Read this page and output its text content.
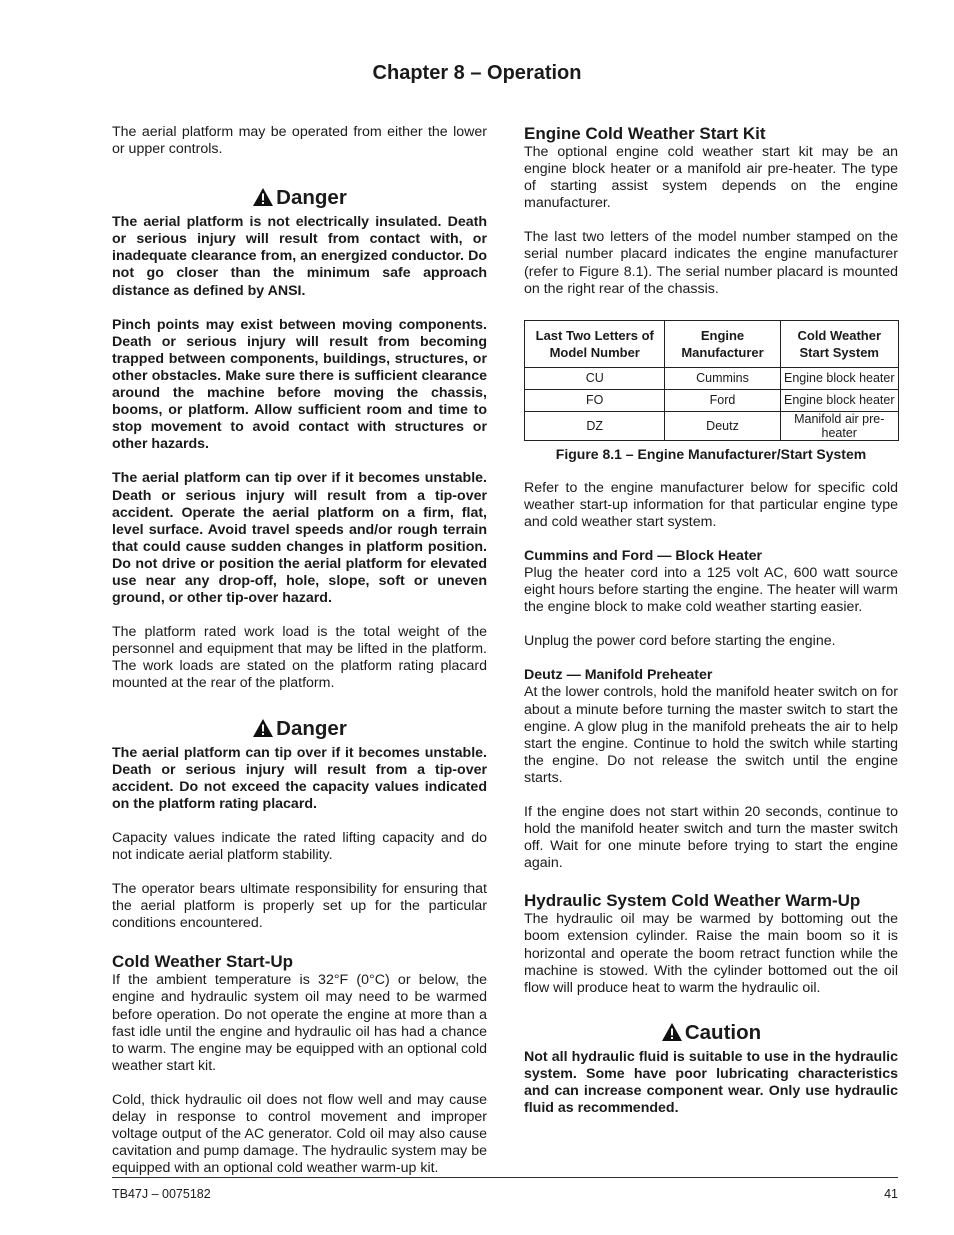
Chapter 8 – Operation

The aerial platform may be operated from either the lower or upper controls.

Danger

The aerial platform is not electrically insulated. Death or serious injury will result from contact with, or inadequate clearance from, an energized conductor. Do not go closer than the minimum safe approach distance as defined by ANSI.

Pinch points may exist between moving components. Death or serious injury will result from becoming trapped between components, buildings, structures, or other obstacles. Make sure there is sufficient clearance around the machine before moving the chassis, booms, or platform. Allow sufficient room and time to stop movement to avoid contact with structures or other hazards.

The aerial platform can tip over if it becomes unstable. Death or serious injury will result from a tip-over accident. Operate the aerial platform on a firm, flat, level surface. Avoid travel speeds and/or rough terrain that could cause sudden changes in platform position. Do not drive or position the aerial platform for elevated use near any drop-off, hole, slope, soft or uneven ground, or other tip-over hazard.

The platform rated work load is the total weight of the personnel and equipment that may be lifted in the platform. The work loads are stated on the platform rating placard mounted at the rear of the platform.

Danger

The aerial platform can tip over if it becomes unstable. Death or serious injury will result from a tip-over accident. Do not exceed the capacity values indicated on the platform rating placard.

Capacity values indicate the rated lifting capacity and do not indicate aerial platform stability.

The operator bears ultimate responsibility for ensuring that the aerial platform is properly set up for the particular conditions encountered.

Cold Weather Start-Up

If the ambient temperature is 32°F (0°C) or below, the engine and hydraulic system oil may need to be warmed before operation. Do not operate the engine at more than a fast idle until the engine and hydraulic oil has had a chance to warm. The engine may be equipped with an optional cold weather start kit.

Cold, thick hydraulic oil does not flow well and may cause delay in response to control movement and improper voltage output of the AC generator. Cold oil may also cause cavitation and pump damage. The hydraulic system may be equipped with an optional cold weather warm-up kit.

Engine Cold Weather Start Kit

The optional engine cold weather start kit may be an engine block heater or a manifold air pre-heater. The type of starting assist system depends on the engine manufacturer.

The last two letters of the model number stamped on the serial number placard indicates the engine manufacturer (refer to Figure 8.1). The serial number placard is mounted on the right rear of the chassis.

Last Two Letters of Model Number	Engine Manufacturer	Cold Weather Start System
CU	Cummins	Engine block heater
FO	Ford	Engine block heater
DZ	Deutz	Manifold air pre-heater
Figure 8.1 – Engine Manufacturer/Start System

Refer to the engine manufacturer below for specific cold weather start-up information for that particular engine type and cold weather start system.

Cummins and Ford — Block Heater

Plug the heater cord into a 125 volt AC, 600 watt source eight hours before starting the engine. The heater will warm the engine block to make cold weather starting easier.

Unplug the power cord before starting the engine.

Deutz — Manifold Preheater

At the lower controls, hold the manifold heater switch on for about a minute before turning the master switch to start the engine. A glow plug in the manifold preheats the air to help start the engine. Continue to hold the switch while starting the engine. Do not release the switch until the engine starts.

If the engine does not start within 20 seconds, continue to hold the manifold heater switch and turn the master switch off. Wait for one minute before trying to start the engine again.

Hydraulic System Cold Weather Warm-Up

The hydraulic oil may be warmed by bottoming out the boom extension cylinder. Raise the main boom so it is horizontal and operate the boom retract function while the machine is stowed. With the cylinder bottomed out the oil flow will produce heat to warm the hydraulic oil.

Caution

Not all hydraulic fluid is suitable to use in the hydraulic system. Some have poor lubricating characteristics and can increase component wear. Only use hydraulic fluid as recommended.

TB47J – 0075182	41
